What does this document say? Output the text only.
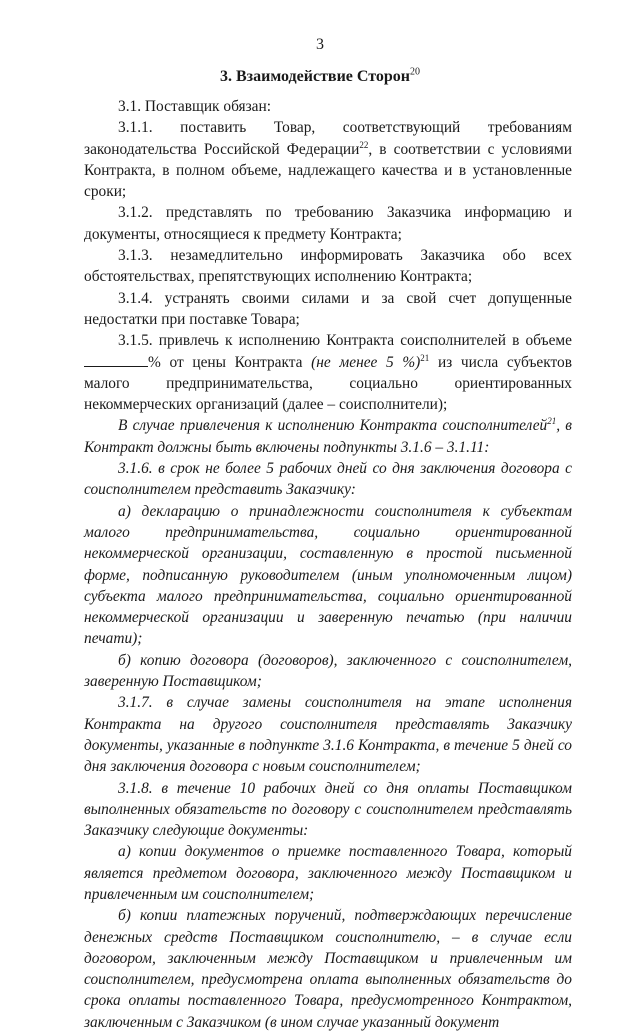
3
3. Взаимодействие Сторон$^{20}$

3.1. Поставщик обязан:

3.1.1. поставить Товар, соответствующий требованиям законодательства Российской Федерации$^{22}$, в соответствии с условиями Контракта, в полном объеме, надлежащего качества и в установленные сроки;

3.1.2. представлять по требованию Заказчика информацию и документы, относящиеся к предмету Контракта;

3.1.3. незамедлительно информировать Заказчика обо всех обстоятельствах, препятствующих исполнению Контракта;

3.1.4. устранять своими силами и за свой счет допущенные недостатки при поставке Товара;

3.1.5. привлечь к исполнению Контракта соисполнителей в объеме % от цены Контракта (не менее 5 %)$^{21}$ из числа субъектов малого предпринимательства, социально ориентированных некоммерческих организаций (далее – соисполнители);

В случае привлечения к исполнению Контракта соисполнителей$^{21}$, в Контракт должны быть включены подпункты 3.1.6 – 3.1.11:

3.1.6. в срок не более 5 рабочих дней со дня заключения договора с соисполнителем представить Заказчику:

а) декларацию о принадлежности соисполнителя к субъектам малого предпринимательства, социально ориентированной некоммерческой организации, составленную в простой письменной форме, подписанную руководителем (иным уполномоченным лицом) субъекта малого предпринимательства, социально ориентированной некоммерческой организации и заверенную печатью (при наличии печати);

б) копию договора (договоров), заключенного с соисполнителем, заверенную Поставщиком;

3.1.7. в случае замены соисполнителя на этапе исполнения Контракта на другого соисполнителя представлять Заказчику документы, указанные в подпункте 3.1.6 Контракта, в течение 5 дней со дня заключения договора с новым соисполнителем;

3.1.8. в течение 10 рабочих дней со дня оплаты Поставщиком выполненных обязательств по договору с соисполнителем представлять Заказчику следующие документы:

а) копии документов о приемке поставленного Товара, который является предметом договора, заключенного между Поставщиком и привлеченным им соисполнителем;

б) копии платежных поручений, подтверждающих перечисление денежных средств Поставщиком соисполнителю, – в случае если договором, заключенным между Поставщиком и привлеченным им соисполнителем, предусмотрена оплата выполненных обязательств до срока оплаты поставленного Товара, предусмотренного Контрактом, заключенным с Заказчиком (в ином случае указанный документ
